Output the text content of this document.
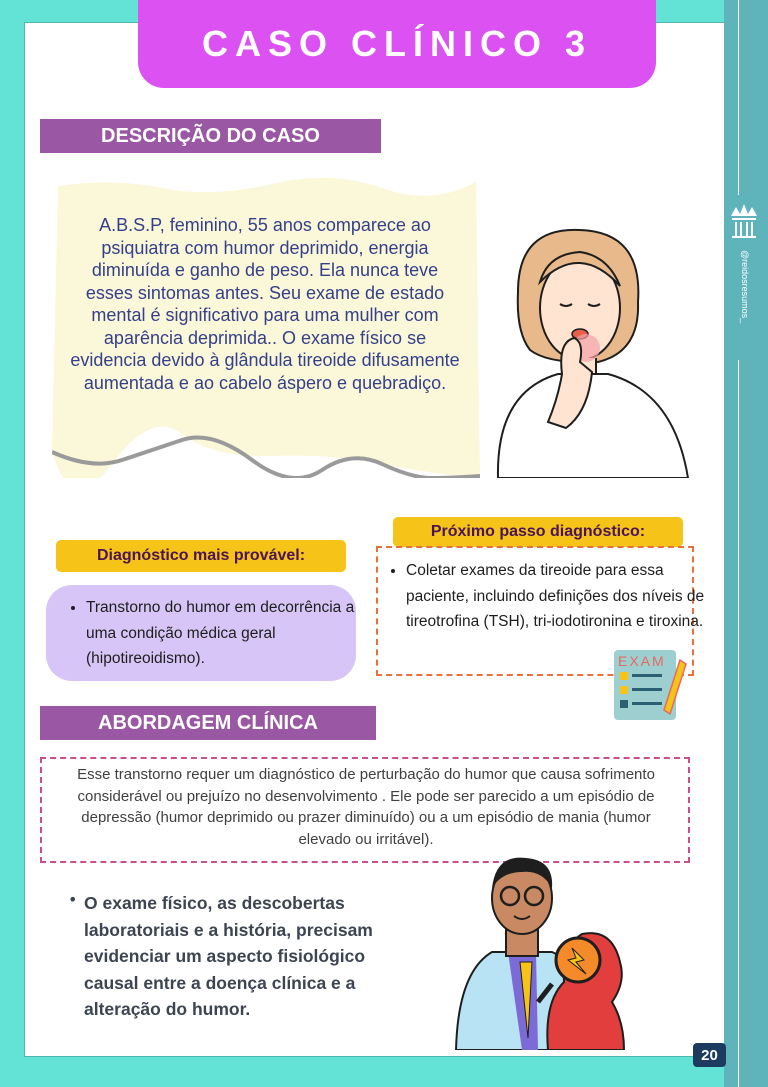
@reidosresumos_
CASO CLÍNICO 3
DESCRIÇÃO DO CASO
A.B.S.P, feminino, 55 anos comparece ao psiquiatra com humor deprimido, energia diminuída e ganho de peso. Ela nunca teve esses sintomas antes. Seu exame de estado mental é significativo para uma mulher com aparência deprimida.. O exame físico se evidencia devido à glândula tireoide difusamente aumentada e ao cabelo áspero e quebradiço.
Próximo passo diagnóstico:
• Coletar exames da tireoide para essa paciente, incluindo definições dos níveis de tireotrofina (TSH), tri-iodotironina e tiroxina.
EXAM
Diagnóstico mais provável:
• Transtorno do humor em decorrência a uma condição médica geral (hipotireoidismo).
ABORDAGEM CLÍNICA
Esse transtorno requer um diagnóstico de perturbação do humor que causa sofrimento considerável ou prejuízo no desenvolvimento . Ele pode ser parecido a um episódio de depressão (humor deprimido ou prazer diminuído) ou a um episódio de mania (humor elevado ou irritável).
• O exame físico, as descobertas laboratoriais e a história, precisam evidenciar um aspecto fisiológico causal entre a doença clínica e a alteração do humor.
20
